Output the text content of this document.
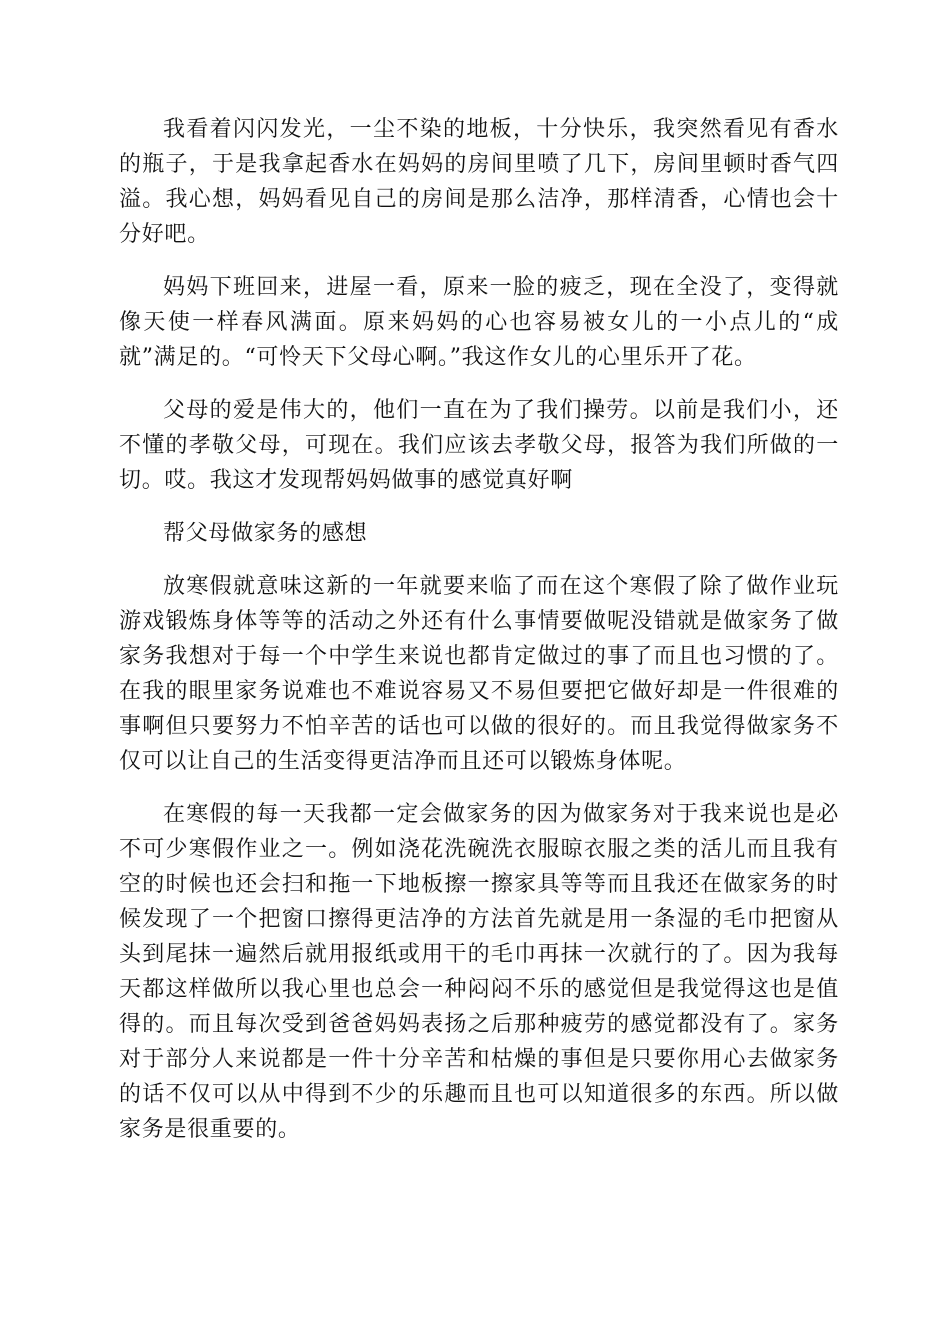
我看着闪闪发光，一尘不染的地板，十分快乐，我突然看见有香水的瓶子，于是我拿起香水在妈妈的房间里喷了几下，房间里顿时香气四溢。我心想，妈妈看见自己的房间是那么洁净，那样清香，心情也会十分好吧。

妈妈下班回来，进屋一看，原来一脸的疲乏，现在全没了，变得就像天使一样春风满面。原来妈妈的心也容易被女儿的一小点儿的“成就”满足的。“可怜天下父母心啊。”我这作女儿的心里乐开了花。

父母的爱是伟大的，他们一直在为了我们操劳。以前是我们小，还不懂的孝敬父母，可现在。我们应该去孝敬父母，报答为我们所做的一切。哎。我这才发现帮妈妈做事的感觉真好啊

帮父母做家务的感想

放寒假就意味这新的一年就要来临了而在这个寒假了除了做作业玩游戏锻炼身体等等的活动之外还有什么事情要做呢没错就是做家务了做家务我想对于每一个中学生来说也都肯定做过的事了而且也习惯的了。在我的眼里家务说难也不难说容易又不易但要把它做好却是一件很难的事啊但只要努力不怕辛苦的话也可以做的很好的。而且我觉得做家务不仅可以让自己的生活变得更洁净而且还可以锻炼身体呢。

在寒假的每一天我都一定会做家务的因为做家务对于我来说也是必不可少寒假作业之一。例如浇花洗碗洗衣服晾衣服之类的活儿而且我有空的时候也还会扫和拖一下地板擦一擦家具等等而且我还在做家务的时候发现了一个把窗口擦得更洁净的方法首先就是用一条湿的毛巾把窗从头到尾抹一遍然后就用报纸或用干的毛巾再抹一次就行的了。因为我每天都这样做所以我心里也总会一种闷闷不乐的感觉但是我觉得这也是值得的。而且每次受到爸爸妈妈表扬之后那种疲劳的感觉都没有了。家务对于部分人来说都是一件十分辛苦和枯燥的事但是只要你用心去做家务的话不仅可以从中得到不少的乐趣而且也可以知道很多的东西。所以做家务是很重要的。
